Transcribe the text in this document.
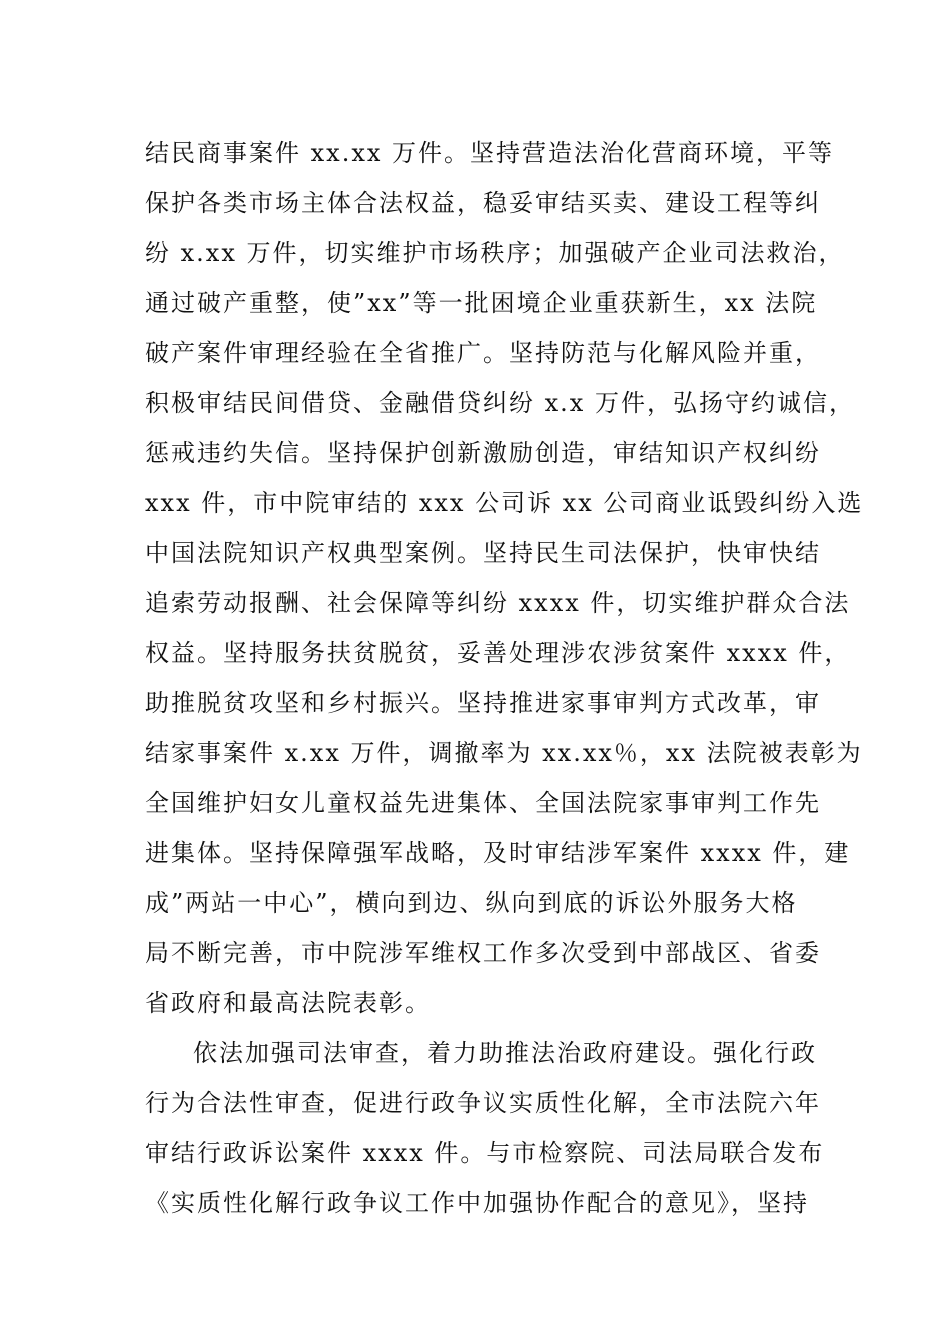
结民商事案件 xx.xx 万件。坚持营造法治化营商环境，平等
保护各类市场主体合法权益，稳妥审结买卖、建设工程等纠
纷 x.xx 万件，切实维护市场秩序；加强破产企业司法救治，
通过破产重整，使”xx”等一批困境企业重获新生，xx 法院
破产案件审理经验在全省推广。坚持防范与化解风险并重，
积极审结民间借贷、金融借贷纠纷 x.x 万件，弘扬守约诚信，
惩戒违约失信。坚持保护创新激励创造，审结知识产权纠纷
xxx 件，市中院审结的 xxx 公司诉 xx 公司商业诋毁纠纷入选
中国法院知识产权典型案例。坚持民生司法保护，快审快结
追索劳动报酬、社会保障等纠纷 xxxx 件，切实维护群众合法
权益。坚持服务扶贫脱贫，妥善处理涉农涉贫案件 xxxx 件，
助推脱贫攻坚和乡村振兴。坚持推进家事审判方式改革，审
结家事案件 x.xx 万件，调撤率为 xx.xx％，xx 法院被表彰为
全国维护妇女儿童权益先进集体、全国法院家事审判工作先
进集体。坚持保障强军战略，及时审结涉军案件 xxxx 件，建
成”两站一中心”，横向到边、纵向到底的诉讼外服务大格
局不断完善，市中院涉军维权工作多次受到中部战区、省委
省政府和最高法院表彰。
依法加强司法审查，着力助推法治政府建设。强化行政
行为合法性审查，促进行政争议实质性化解，全市法院六年
审结行政诉讼案件 xxxx 件。与市检察院、司法局联合发布
《实质性化解行政争议工作中加强协作配合的意见》，坚持
